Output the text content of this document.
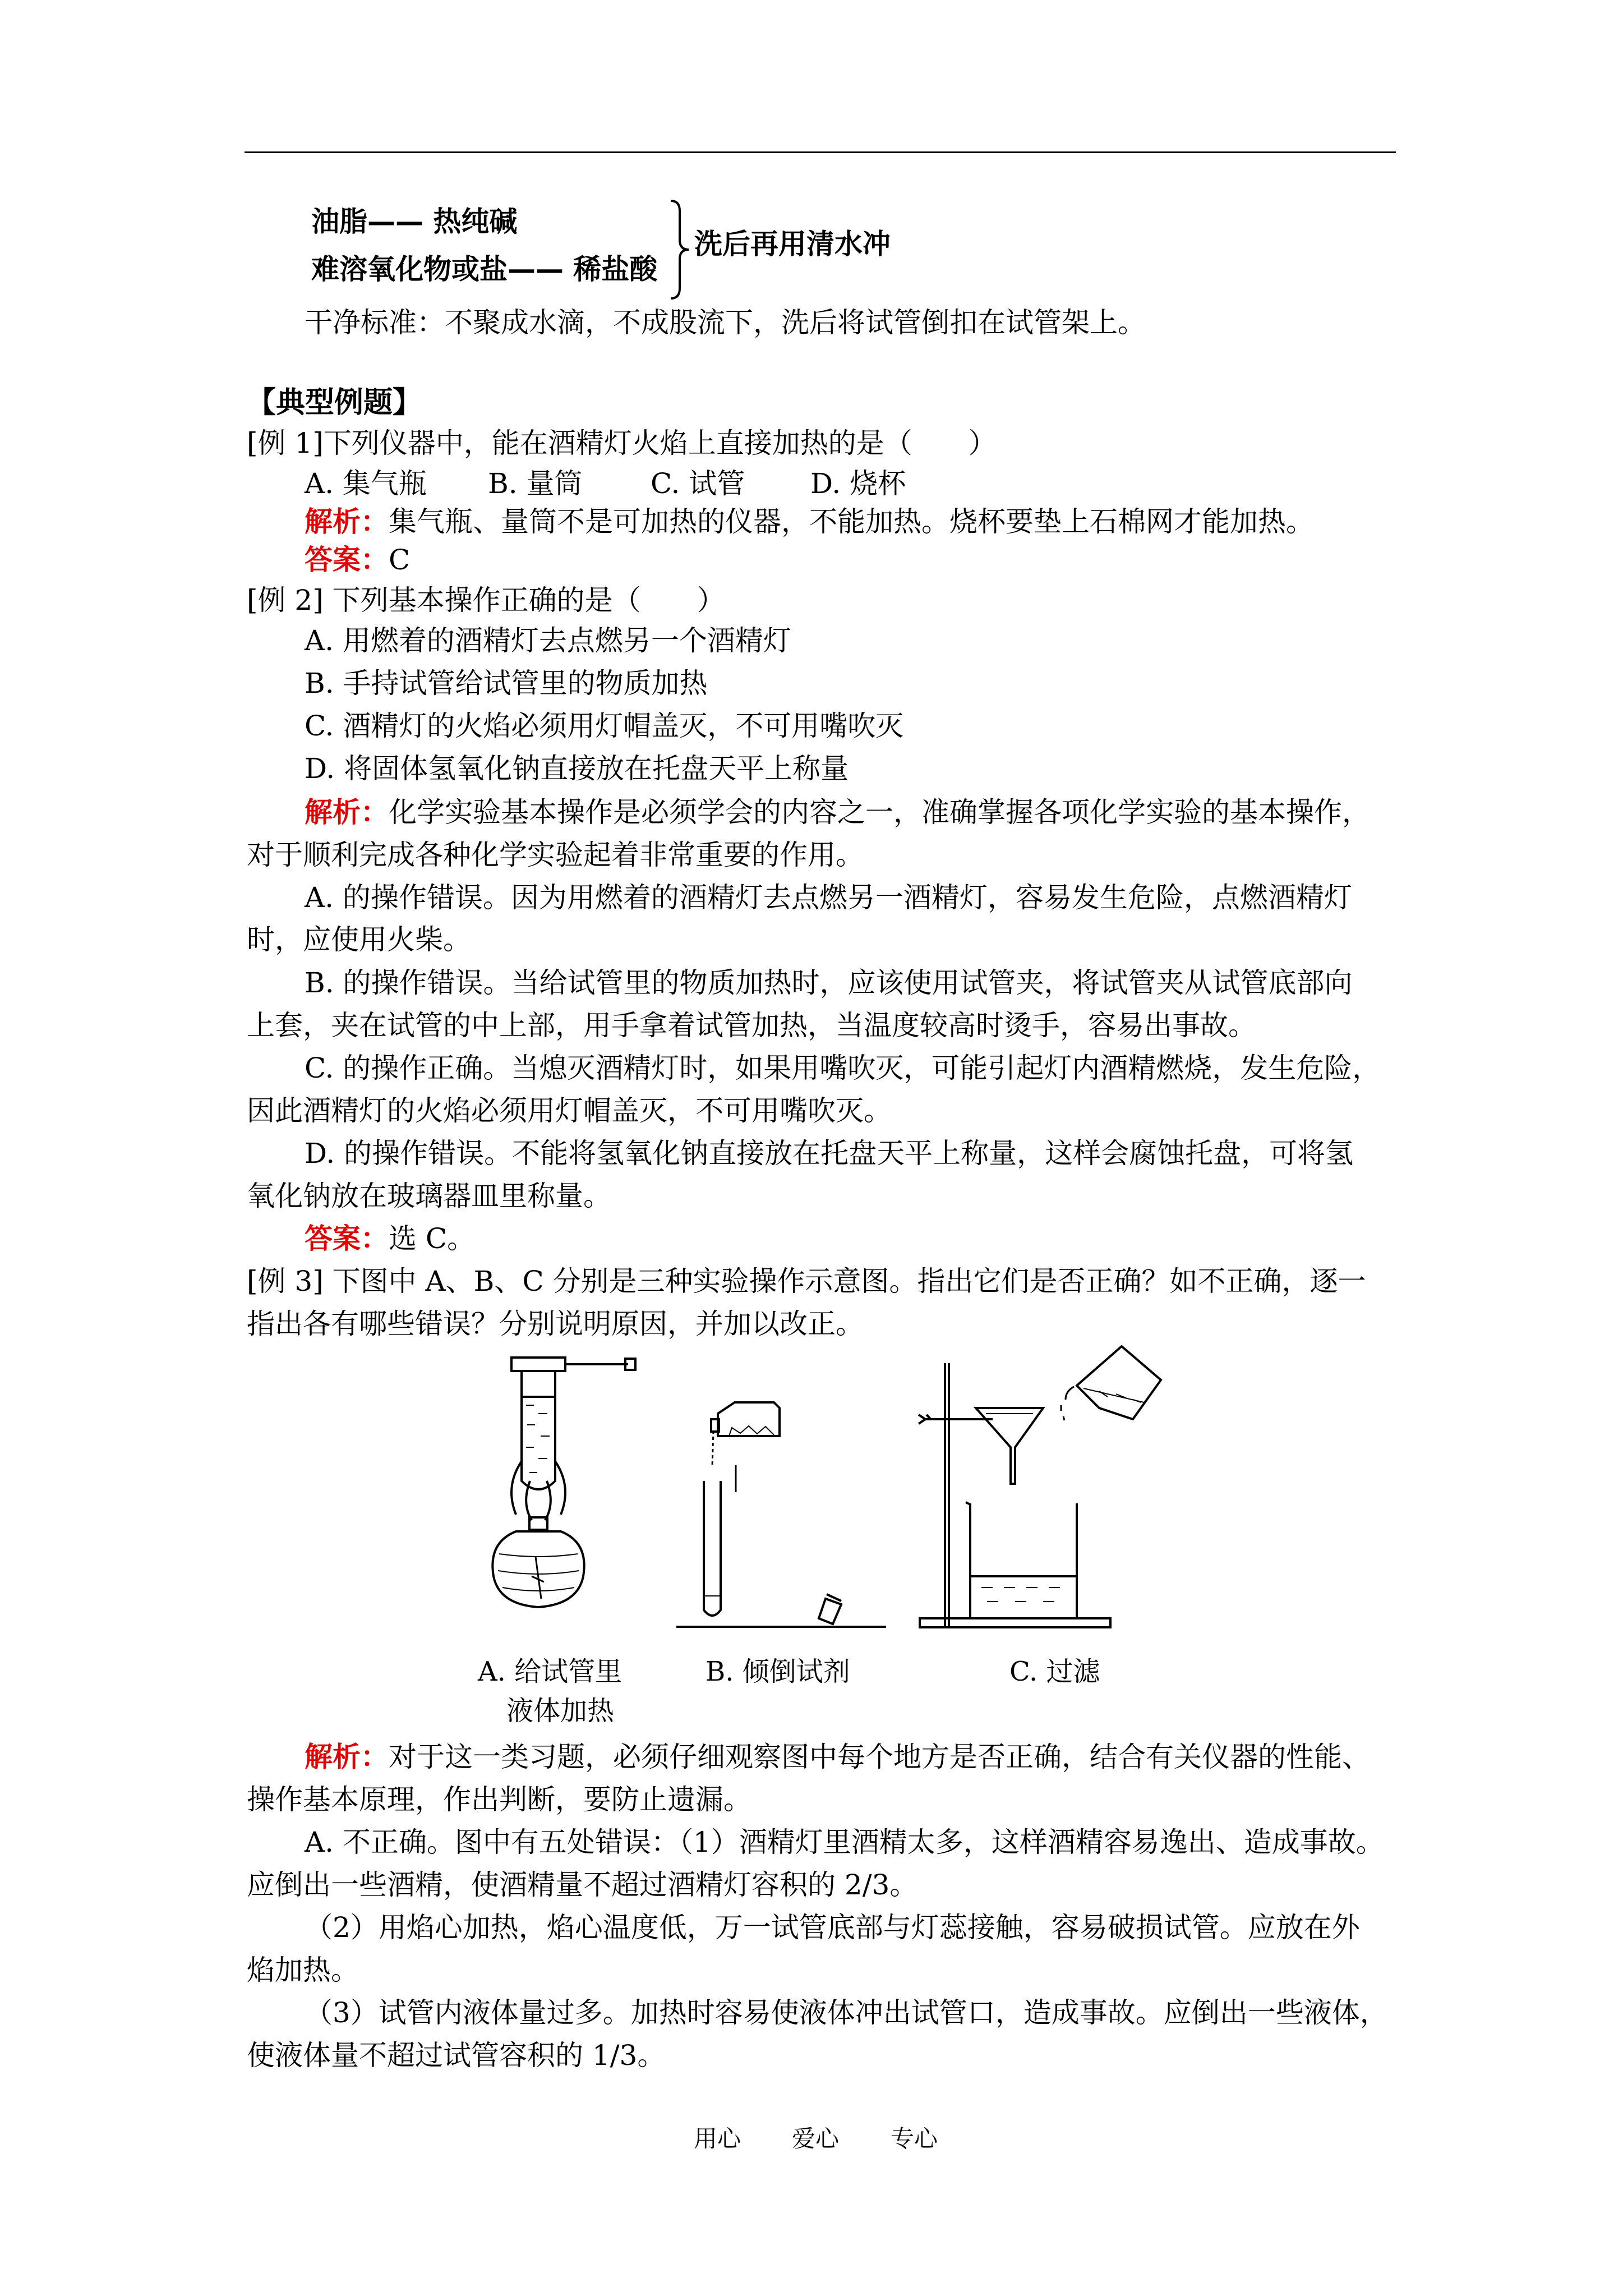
油脂—— 热纯碱
难溶氧化物或盐—— 稀盐酸
洗后再用清水冲
干净标准：不聚成水滴，不成股流下，洗后将试管倒扣在试管架上。
【典型例题】
[例 1]下列仪器中，能在酒精灯火焰上直接加热的是（　　）
A. 集气瓶 B. 量筒 C. 试管 D. 烧杯
解析：集气瓶、量筒不是可加热的仪器，不能加热。烧杯要垫上石棉网才能加热。
答案：C
[例 2] 下列基本操作正确的是（　　）
A. 用燃着的酒精灯去点燃另一个酒精灯
B. 手持试管给试管里的物质加热
C. 酒精灯的火焰必须用灯帽盖灭，不可用嘴吹灭
D. 将固体氢氧化钠直接放在托盘天平上称量
解析：化学实验基本操作是必须学会的内容之一，准确掌握各项化学实验的基本操作，
对于顺利完成各种化学实验起着非常重要的作用。
A. 的操作错误。因为用燃着的酒精灯去点燃另一酒精灯，容易发生危险，点燃酒精灯
时，应使用火柴。
B. 的操作错误。当给试管里的物质加热时，应该使用试管夹，将试管夹从试管底部向
上套，夹在试管的中上部，用手拿着试管加热，当温度较高时烫手，容易出事故。
C. 的操作正确。当熄灭酒精灯时，如果用嘴吹灭，可能引起灯内酒精燃烧，发生危险，
因此酒精灯的火焰必须用灯帽盖灭，不可用嘴吹灭。
D. 的操作错误。不能将氢氧化钠直接放在托盘天平上称量，这样会腐蚀托盘，可将氢
氧化钠放在玻璃器皿里称量。
答案：选 C。
[例 3] 下图中 A、B、C 分别是三种实验操作示意图。指出它们是否正确？如不正确，逐一
指出各有哪些错误？分别说明原因，并加以改正。
A. 给试管里
液体加热
B. 倾倒试剂	C. 过滤
解析：对于这一类习题，必须仔细观察图中每个地方是否正确，结合有关仪器的性能、
操作基本原理，作出判断，要防止遗漏。
A. 不正确。图中有五处错误：（1）酒精灯里酒精太多，这样酒精容易逸出、造成事故。
应倒出一些酒精，使酒精量不超过酒精灯容积的 2/3。
（2）用焰心加热，焰心温度低，万一试管底部与灯蕊接触，容易破损试管。应放在外
焰加热。
（3）试管内液体量过多。加热时容易使液体冲出试管口，造成事故。应倒出一些液体，
使液体量不超过试管容积的 1/3。
用心 爱心 专心
